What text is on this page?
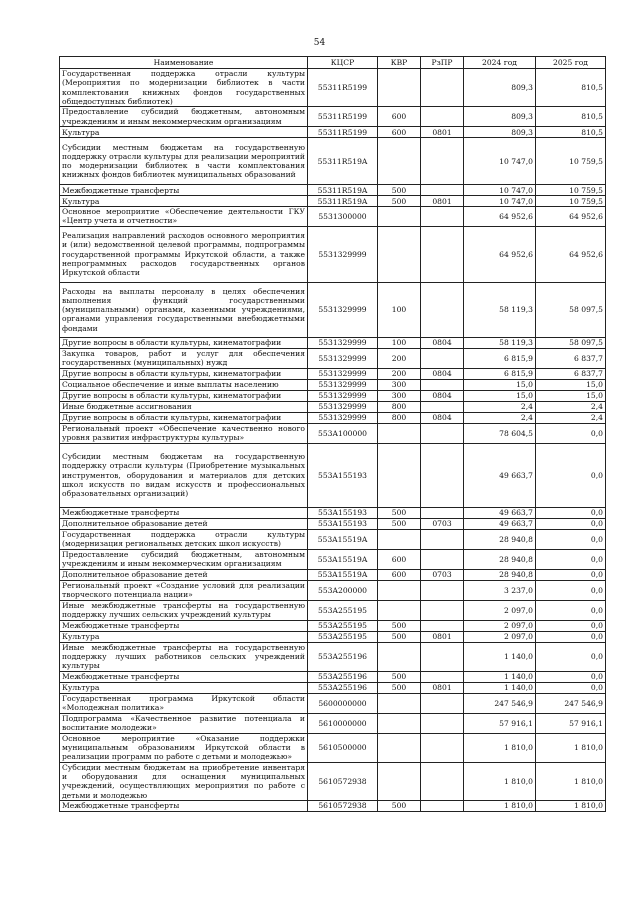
54
Наименование	КЦСР	КВР	РзПР	2024 год	2025 год
Государственная поддержка отрасли культуры (Мероприятия по модернизации библиотек в части комплектования книжных фондов государственных общедоступных библиотек)	55311R5199			809,3	810,5
Предоставление субсидий бюджетным, автономным учреждениям и иным некоммерческим организациям	55311R5199	600		809,3	810,5
Культура	55311R5199	600	0801	809,3	810,5
Субсидии местным бюджетам на государственную поддержку отрасли культуры для реализации мероприятий по модернизации библиотек в части комплектования книжных фондов библиотек муниципальных образований	55311R519A			10 747,0	10 759,5
Межбюджетные трансферты	55311R519A	500		10 747,0	10 759,5
Культура	55311R519A	500	0801	10 747,0	10 759,5
Основное мероприятие «Обеспечение деятельности ГКУ «Центр учета и отчетности»	5531300000			64 952,6	64 952,6
Реализация направлений расходов основного мероприятия и (или) ведомственной целевой программы, подпрограммы государственной программы Иркутской области, а также непрограммных расходов государственных органов Иркутской области	5531329999			64 952,6	64 952,6
Расходы на выплаты персоналу в целях обеспечения выполнения функций государственными (муниципальными) органами, казенными учреждениями, органами управления государственными внебюджетными фондами	5531329999	100		58 119,3	58 097,5
Другие вопросы в области культуры, кинематографии	5531329999	100	0804	58 119,3	58 097,5
Закупка товаров, работ и услуг для обеспечения государственных (муниципальных) нужд	5531329999	200		6 815,9	6 837,7
Другие вопросы в области культуры, кинематографии	5531329999	200	0804	6 815,9	6 837,7
Социальное обеспечение и иные выплаты населению	5531329999	300		15,0	15,0
Другие вопросы в области культуры, кинематографии	5531329999	300	0804	15,0	15,0
Иные бюджетные ассигнования	5531329999	800		2,4	2,4
Другие вопросы в области культуры, кинематографии	5531329999	800	0804	2,4	2,4
Региональный проект «Обеспечение качественно нового уровня развития инфраструктуры культуры»	553A100000			78 604,5	0,0
Субсидии местным бюджетам на государственную поддержку отрасли культуры (Приобретение музыкальных инструментов, оборудования и материалов для детских школ искусств по видам искусств и профессиональных образовательных организаций)	553A155193			49 663,7	0,0
Межбюджетные трансферты	553A155193	500		49 663,7	0,0
Дополнительное образование детей	553A155193	500	0703	49 663,7	0,0
Государственная поддержка отрасли культуры (модернизация региональных детских школ искусств)	553A15519A			28 940,8	0,0
Предоставление субсидий бюджетным, автономным учреждениям и иным некоммерческим организациям	553A15519A	600		28 940,8	0,0
Дополнительное образование детей	553A15519A	600	0703	28 940,8	0,0
Региональный проект «Создание условий для реализации творческого потенциала нации»	553A200000			3 237,0	0,0
Иные межбюджетные трансферты на государственную поддержку лучших сельских учреждений культуры	553A255195			2 097,0	0,0
Межбюджетные трансферты	553A255195	500		2 097,0	0,0
Культура	553A255195	500	0801	2 097,0	0,0
Иные межбюджетные трансферты на государственную поддержку лучших работников сельских учреждений культуры	553A255196			1 140,0	0,0
Межбюджетные трансферты	553A255196	500		1 140,0	0,0
Культура	553A255196	500	0801	1 140,0	0,0
Государственная программа Иркутской области «Молодежная политика»	5600000000			247 546,9	247 546,9
Подпрограмма «Качественное развитие потенциала и воспитание молодежи»	5610000000			57 916,1	57 916,1
Основное мероприятие «Оказание поддержки муниципальным образованиям Иркутской области в реализации программ по работе с детьми и молодежью»	5610500000			1 810,0	1 810,0
Субсидии местным бюджетам на приобретение инвентаря и оборудования для оснащения муниципальных учреждений, осуществляющих мероприятия по работе с детьми и молодежью	5610572938			1 810,0	1 810,0
Межбюджетные трансферты	5610572938	500		1 810,0	1 810,0
